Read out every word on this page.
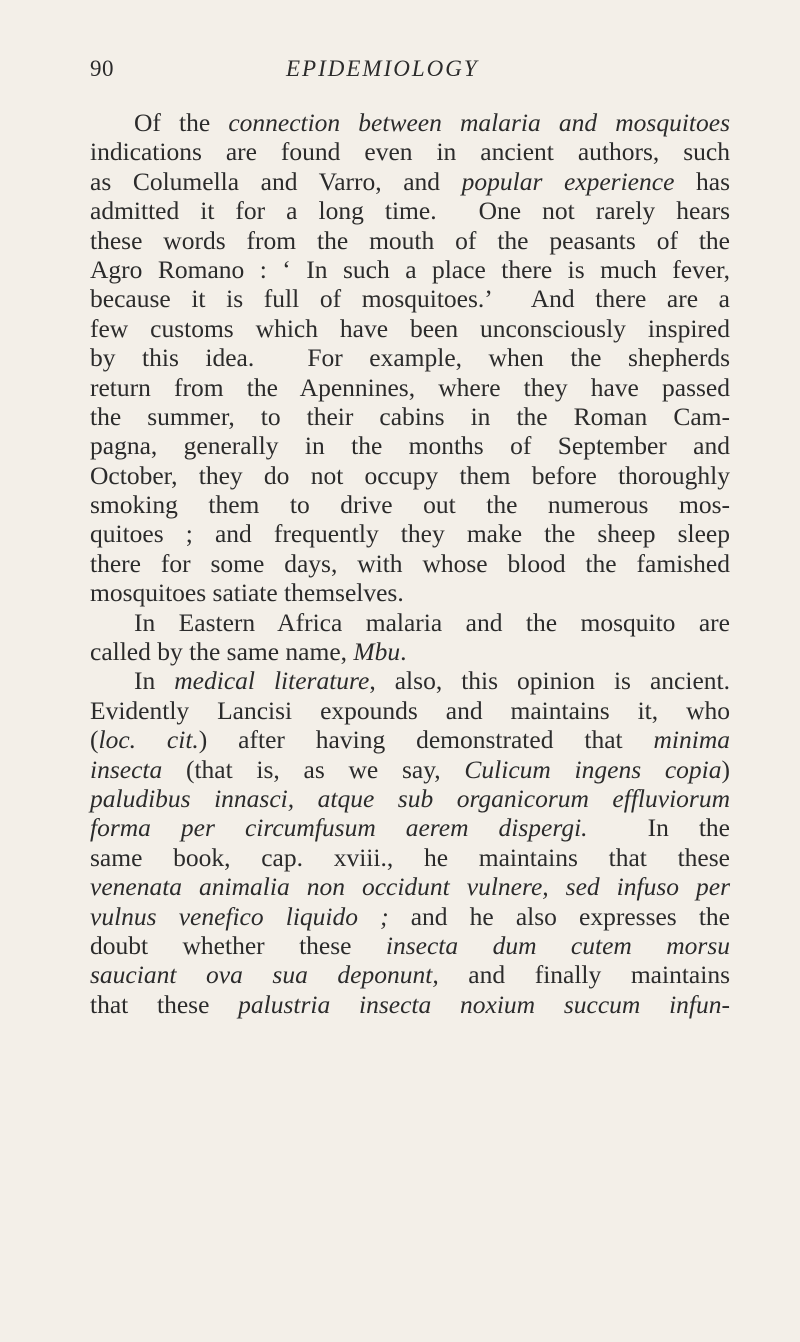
90	EPIDEMIOLOGY
Of the connection between malaria and mosquitoes
indications are found even in ancient authors, such
as Columella and Varro, and popular experience has
admitted it for a long time.  One not rarely hears
these words from the mouth of the peasants of the
Agro Romano : ‘ In such a place there is much fever,
because it is full of mosquitoes.’  And there are a
few customs which have been unconsciously inspired
by this idea.  For example, when the shepherds
return from the Apennines, where they have passed
the summer, to their cabins in the Roman Cam-
pagna, generally in the months of September and
October, they do not occupy them before thoroughly
smoking them to drive out the numerous mos-
quitoes ; and frequently they make the sheep sleep
there for some days, with whose blood the famished
mosquitoes satiate themselves.
In Eastern Africa malaria and the mosquito are
called by the same name, Mbu.
In medical literature, also, this opinion is ancient.
Evidently Lancisi expounds and maintains it, who
(loc. cit.) after having demonstrated that minima
insecta (that is, as we say, Culicum ingens copia)
paludibus innasci, atque sub organicorum effluviorum
forma per circumfusum aerem dispergi.  In the
same book, cap. xviii., he maintains that these
venenata animalia non occidunt vulnere, sed infuso per
vulnus venefico liquido ; and he also expresses the
doubt whether these insecta dum cutem morsu
sauciant ova sua deponunt, and finally maintains
that these palustria insecta noxium succum infun-
